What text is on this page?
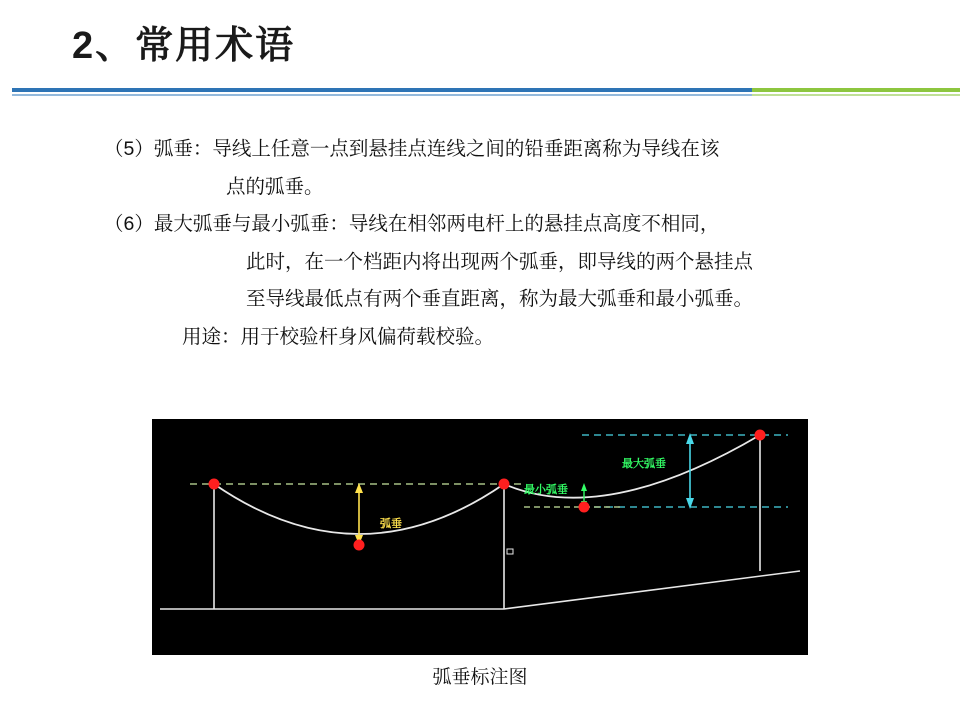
2、常用术语

（5）弧垂：导线上任意一点到悬挂点连线之间的铅垂距离称为导线在该

点的弧垂。

（6）最大弧垂与最小弧垂：导线在相邻两电杆上的悬挂点高度不相同，

此时，在一个档距内将出现两个弧垂，即导线的两个悬挂点

至导线最低点有两个垂直距离，称为最大弧垂和最小弧垂。

用途：用于校验杆身风偏荷载校验。

弧垂
最小弧垂
最大弧垂
弧垂标注图
